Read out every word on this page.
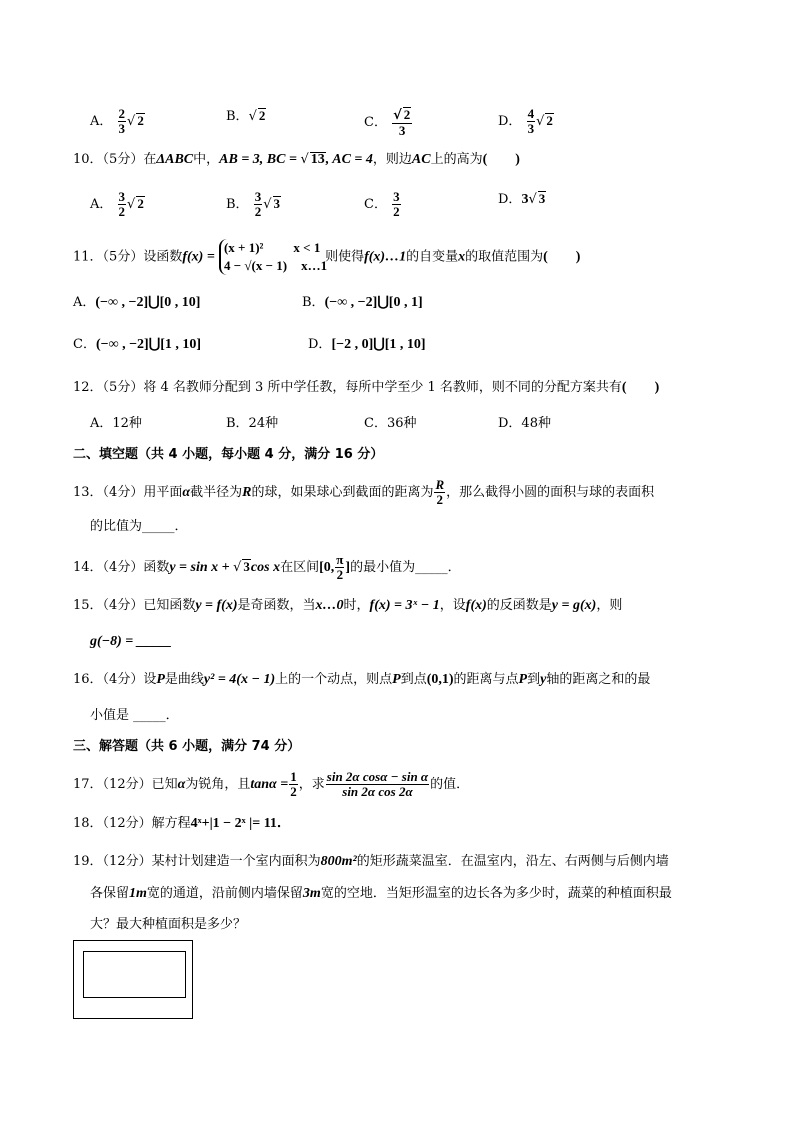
A． $\frac{2}{3}$ √ 2	B．√ 2	C． $\frac{√ 2}{3}$	D． $\frac{4}{3}$ √ 2
10．（5分）在ΔABC中，AB = 3, BC = √ 13, AC = 4，则边AC上的高为(　　)
A． $\frac{3}{2}$ √ 2	B． $\frac{3}{2}$ √ 3	C． $\frac{3}{2}$	D．3√ 3
11．（5分）设函数f(x) =
(x + 1)² x < 1
4 − √(x − 1) x…1
则使得f(x)…1的自变量x的取值范围为(　　)
A．(−∞ , −2]⋃[0 , 10]	B．(−∞ , −2]⋃[0 , 1]
C．(−∞ , −2]⋃[1 , 10]	D．[−2 , 0]⋃[1 , 10]
12．（5分）将 4 名教师分配到 3 所中学任教，每所中学至少 1 名教师，则不同的分配方案共有(　　)
A．12种	B．24种	C．36种	D．48种
二、填空题（共 4 小题，每小题 4 分，满分 16 分）
13．（4分）用平面α截半径为R的球，如果球心到截面的距离为 $\frac{R}{2}$ ，那么截得小圆的面积与球的表面积
的比值为_____．
14．（4分）函数y = sin x + √ 3cos x在区间[0, $\frac{\pi}{2}$ ]的最小值为_____．
15．（4分）已知函数y = f(x)是奇函数，当x…0时，f(x) = 3ˣ − 1，设f(x)的反函数是y = g(x)，则
g(−8) = _____
16．（4分）设P是曲线y² = 4(x − 1)上的一个动点，则点P到点(0,1)的距离与点P到y轴的距离之和的最
小值是 _____．
三、解答题（共 6 小题，满分 74 分）
17．（12分）已知α为锐角，且$\tan\alpha = \frac{1}{2}$ ，求 $\frac{\text{sin 2α cosα − sin α}}{\text{sin 2α cos 2α}}$ 的值．
18．（12分）解方程4ˣ+|1 − 2ˣ |= 11．
19．（12分）某村计划建造一个室内面积为800m²的矩形蔬菜温室．在温室内，沿左、右两侧与后侧内墙
各保留1m宽的通道，沿前侧内墙保留3m宽的空地．当矩形温室的边长各为多少时，蔬菜的种植面积最
大？最大种植面积是多少？
